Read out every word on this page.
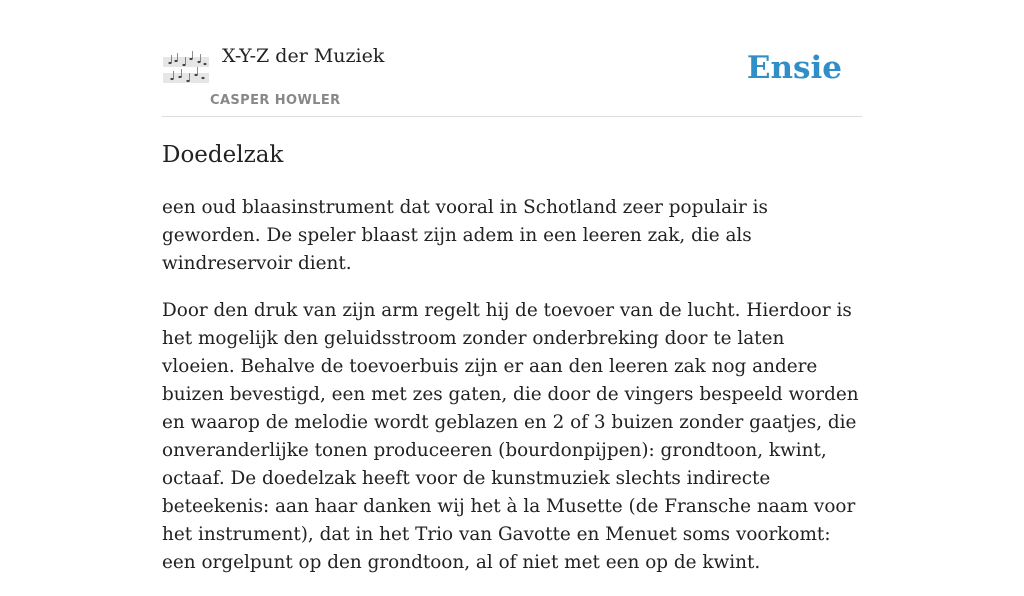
X-Y-Z der Muziek
CASPER HOWLER
Ensie
Doedelzak

een oud blaasinstrument dat vooral in Schotland zeer populair is geworden. De speler blaast zijn adem in een leeren zak, die als windreservoir dient.

Door den druk van zijn arm regelt hij de toevoer van de lucht. Hierdoor is het mogelijk den geluidsstroom zonder onderbreking door te laten vloeien. Behalve de toevoerbuis zijn er aan den leeren zak nog andere buizen bevestigd, een met zes gaten, die door de vingers bespeeld worden en waarop de melodie wordt geblazen en 2 of 3 buizen zonder gaatjes, die onveranderlijke tonen produceeren (bourdonpijpen): grondtoon, kwint, octaaf. De doedelzak heeft voor de kunstmuziek slechts indirecte beteekenis: aan haar danken wij het à la Musette (de Fransche naam voor het instrument), dat in het Trio van Gavotte en Menuet soms voorkomt: een orgelpunt op den grondtoon, al of niet met een op de kwint.
